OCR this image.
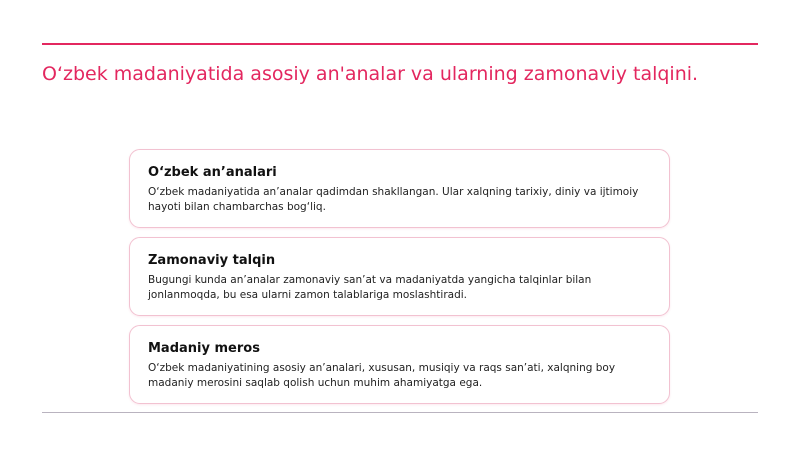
O‘zbek madaniyatida asosiy an'analar va ularning zamonaviy talqini.

O‘zbek an’analari

O‘zbek madaniyatida an’analar qadimdan shakllangan. Ular xalqning tarixiy, diniy va ijtimoiy hayoti bilan chambarchas bog‘liq.

Zamonaviy talqin

Bugungi kunda an’analar zamonaviy san’at va madaniyatda yangicha talqinlar bilan jonlanmoqda, bu esa ularni zamon talablariga moslashtiradi.

Madaniy meros

O‘zbek madaniyatining asosiy an’analari, xususan, musiqiy va raqs san’ati, xalqning boy madaniy merosini saqlab qolish uchun muhim ahamiyatga ega.
